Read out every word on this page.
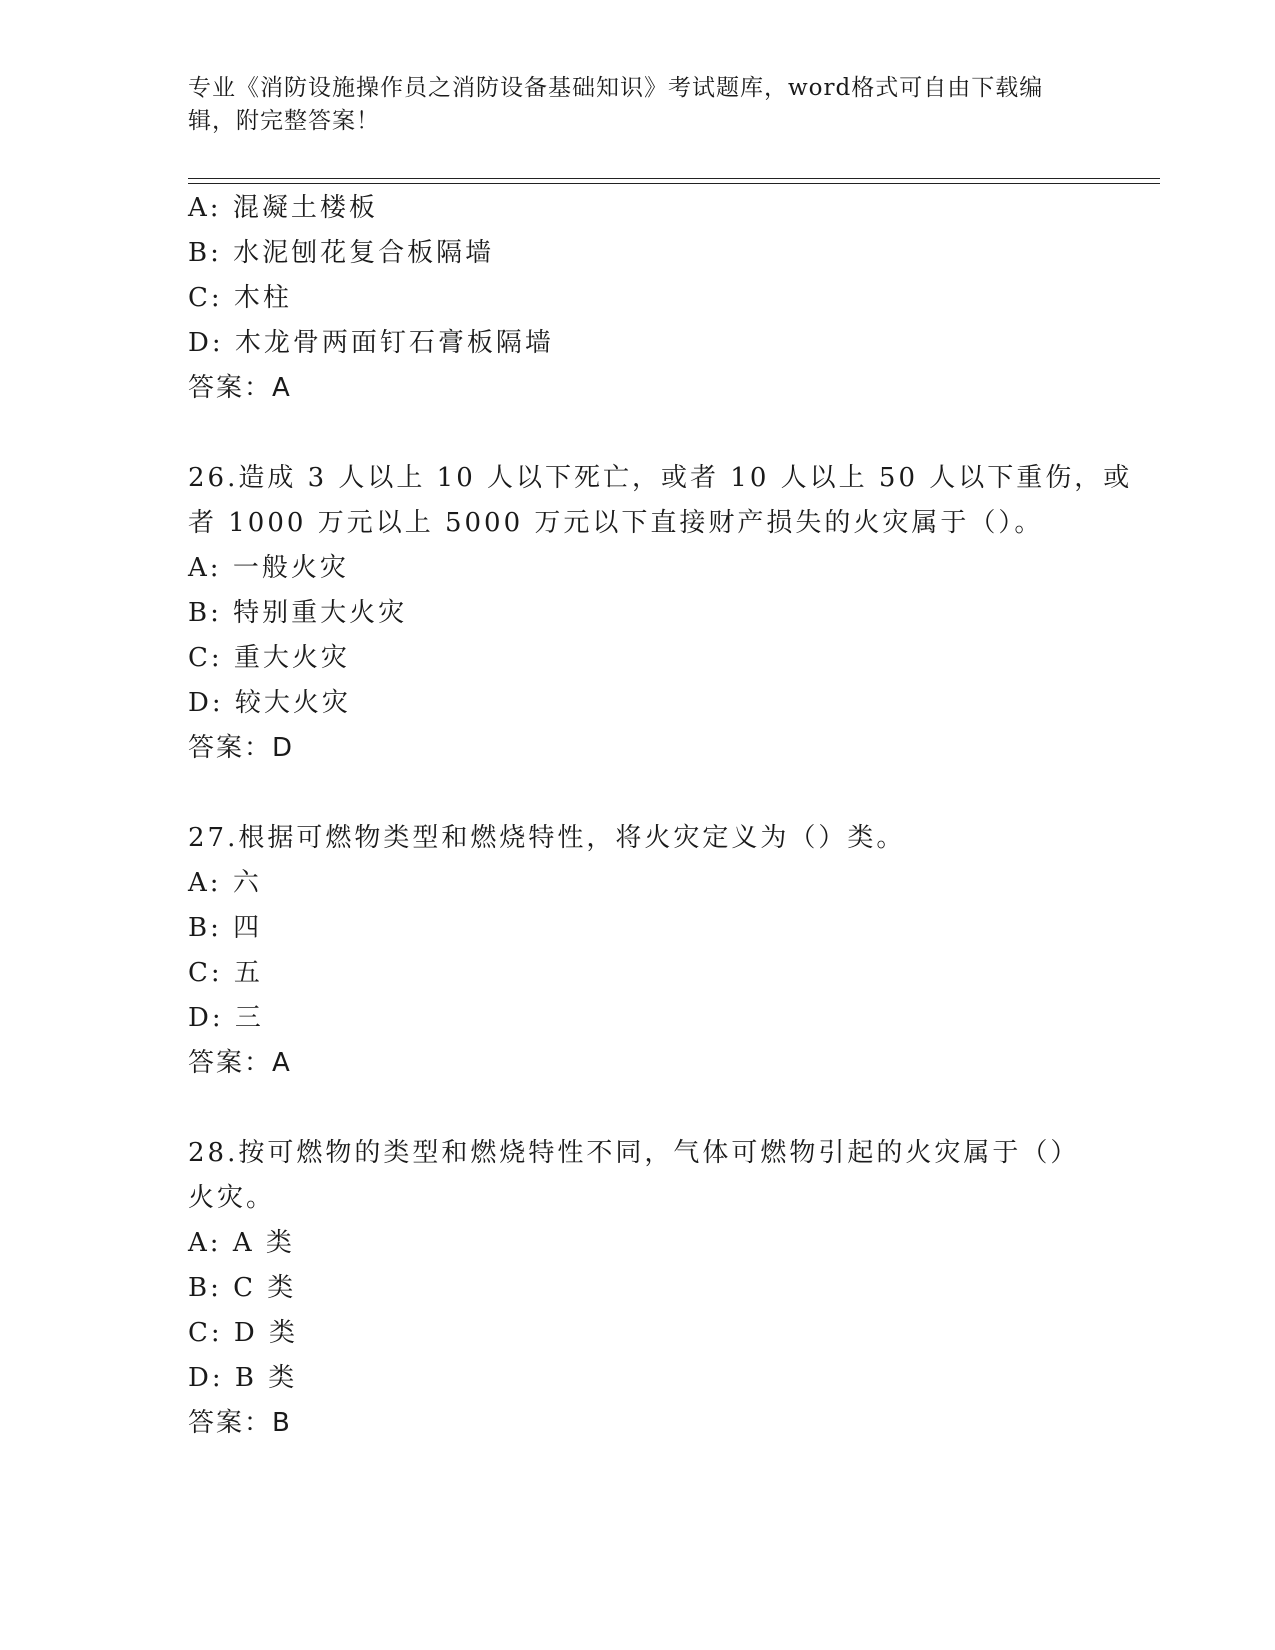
专业《消防设施操作员之消防设备基础知识》考试题库，word格式可自由下载编辑，附完整答案！
A: 混凝土楼板
B: 水泥刨花复合板隔墙
C: 木柱
D: 木龙骨两面钉石膏板隔墙
答案：A
26.造成 3 人以上 10 人以下死亡，或者 10 人以上 50 人以下重伤，或
者 1000 万元以上 5000 万元以下直接财产损失的火灾属于（）。
A: 一般火灾
B: 特别重大火灾
C: 重大火灾
D: 较大火灾
答案：D
27.根据可燃物类型和燃烧特性，将火灾定义为（）类。
A: 六
B: 四
C: 五
D: 三
答案：A
28.按可燃物的类型和燃烧特性不同，气体可燃物引起的火灾属于（）
火灾。
A: A 类
B: C 类
C: D 类
D: B 类
答案：B
